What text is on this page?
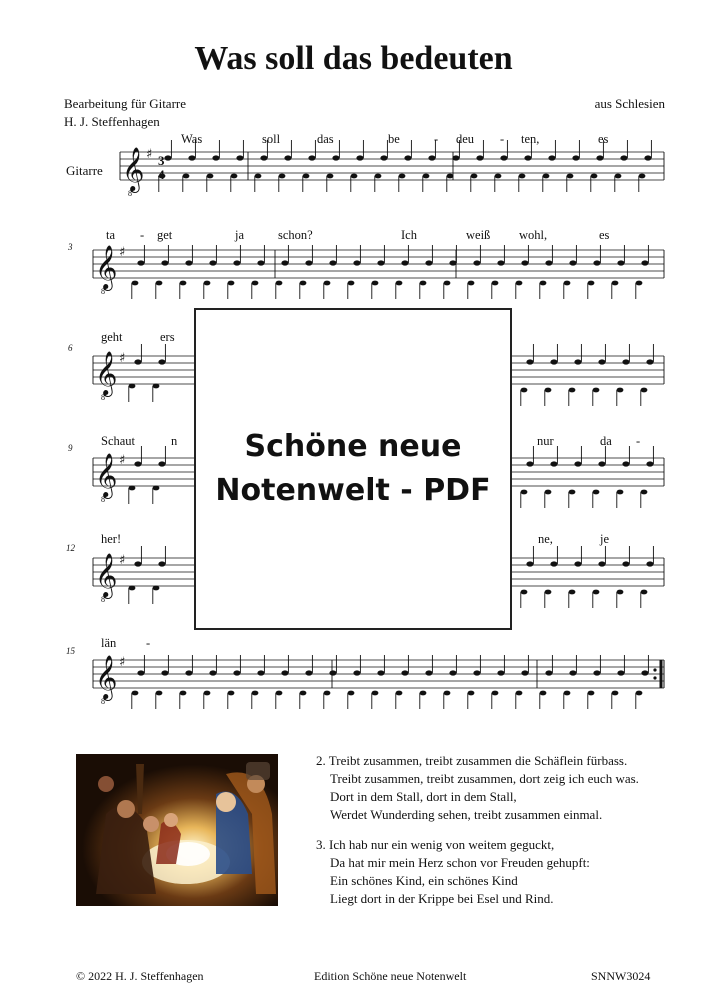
Was soll das bedeuten
Bearbeitung für Gitarre
H. J. Steffenhagen
aus Schlesien
Gitarre 𝄞 ♯
8
3
4
𝄞 ♯
8
𝄞 ♯
8
𝄞 ♯
8
𝄞 ♯
8
𝄞 ♯
8
Was	soll	das	be	- deu - ten,	es
ta - get	ja	schon?	Ich	weiß wohl,	es
geht	ers
Schaut	n	nur	da -
her!	ne,	je
län -
3
6
9
12
15
Schöne neue
Notenwelt - PDF
2. Treibt zusammen, treibt zusammen die Schäflein fürbass.
Treibt zusammen, treibt zusammen, dort zeig ich euch was.
Dort in dem Stall, dort in dem Stall,
Werdet Wunderding sehen, treibt zusammen einmal.
3. Ich hab nur ein wenig von weitem geguckt,
Da hat mir mein Herz schon vor Freuden gehupft:
Ein schönes Kind, ein schönes Kind
Liegt dort in der Krippe bei Esel und Rind.
© 2022 H. J. Steffenhagen	Edition Schöne neue Notenwelt	SNNW3024
